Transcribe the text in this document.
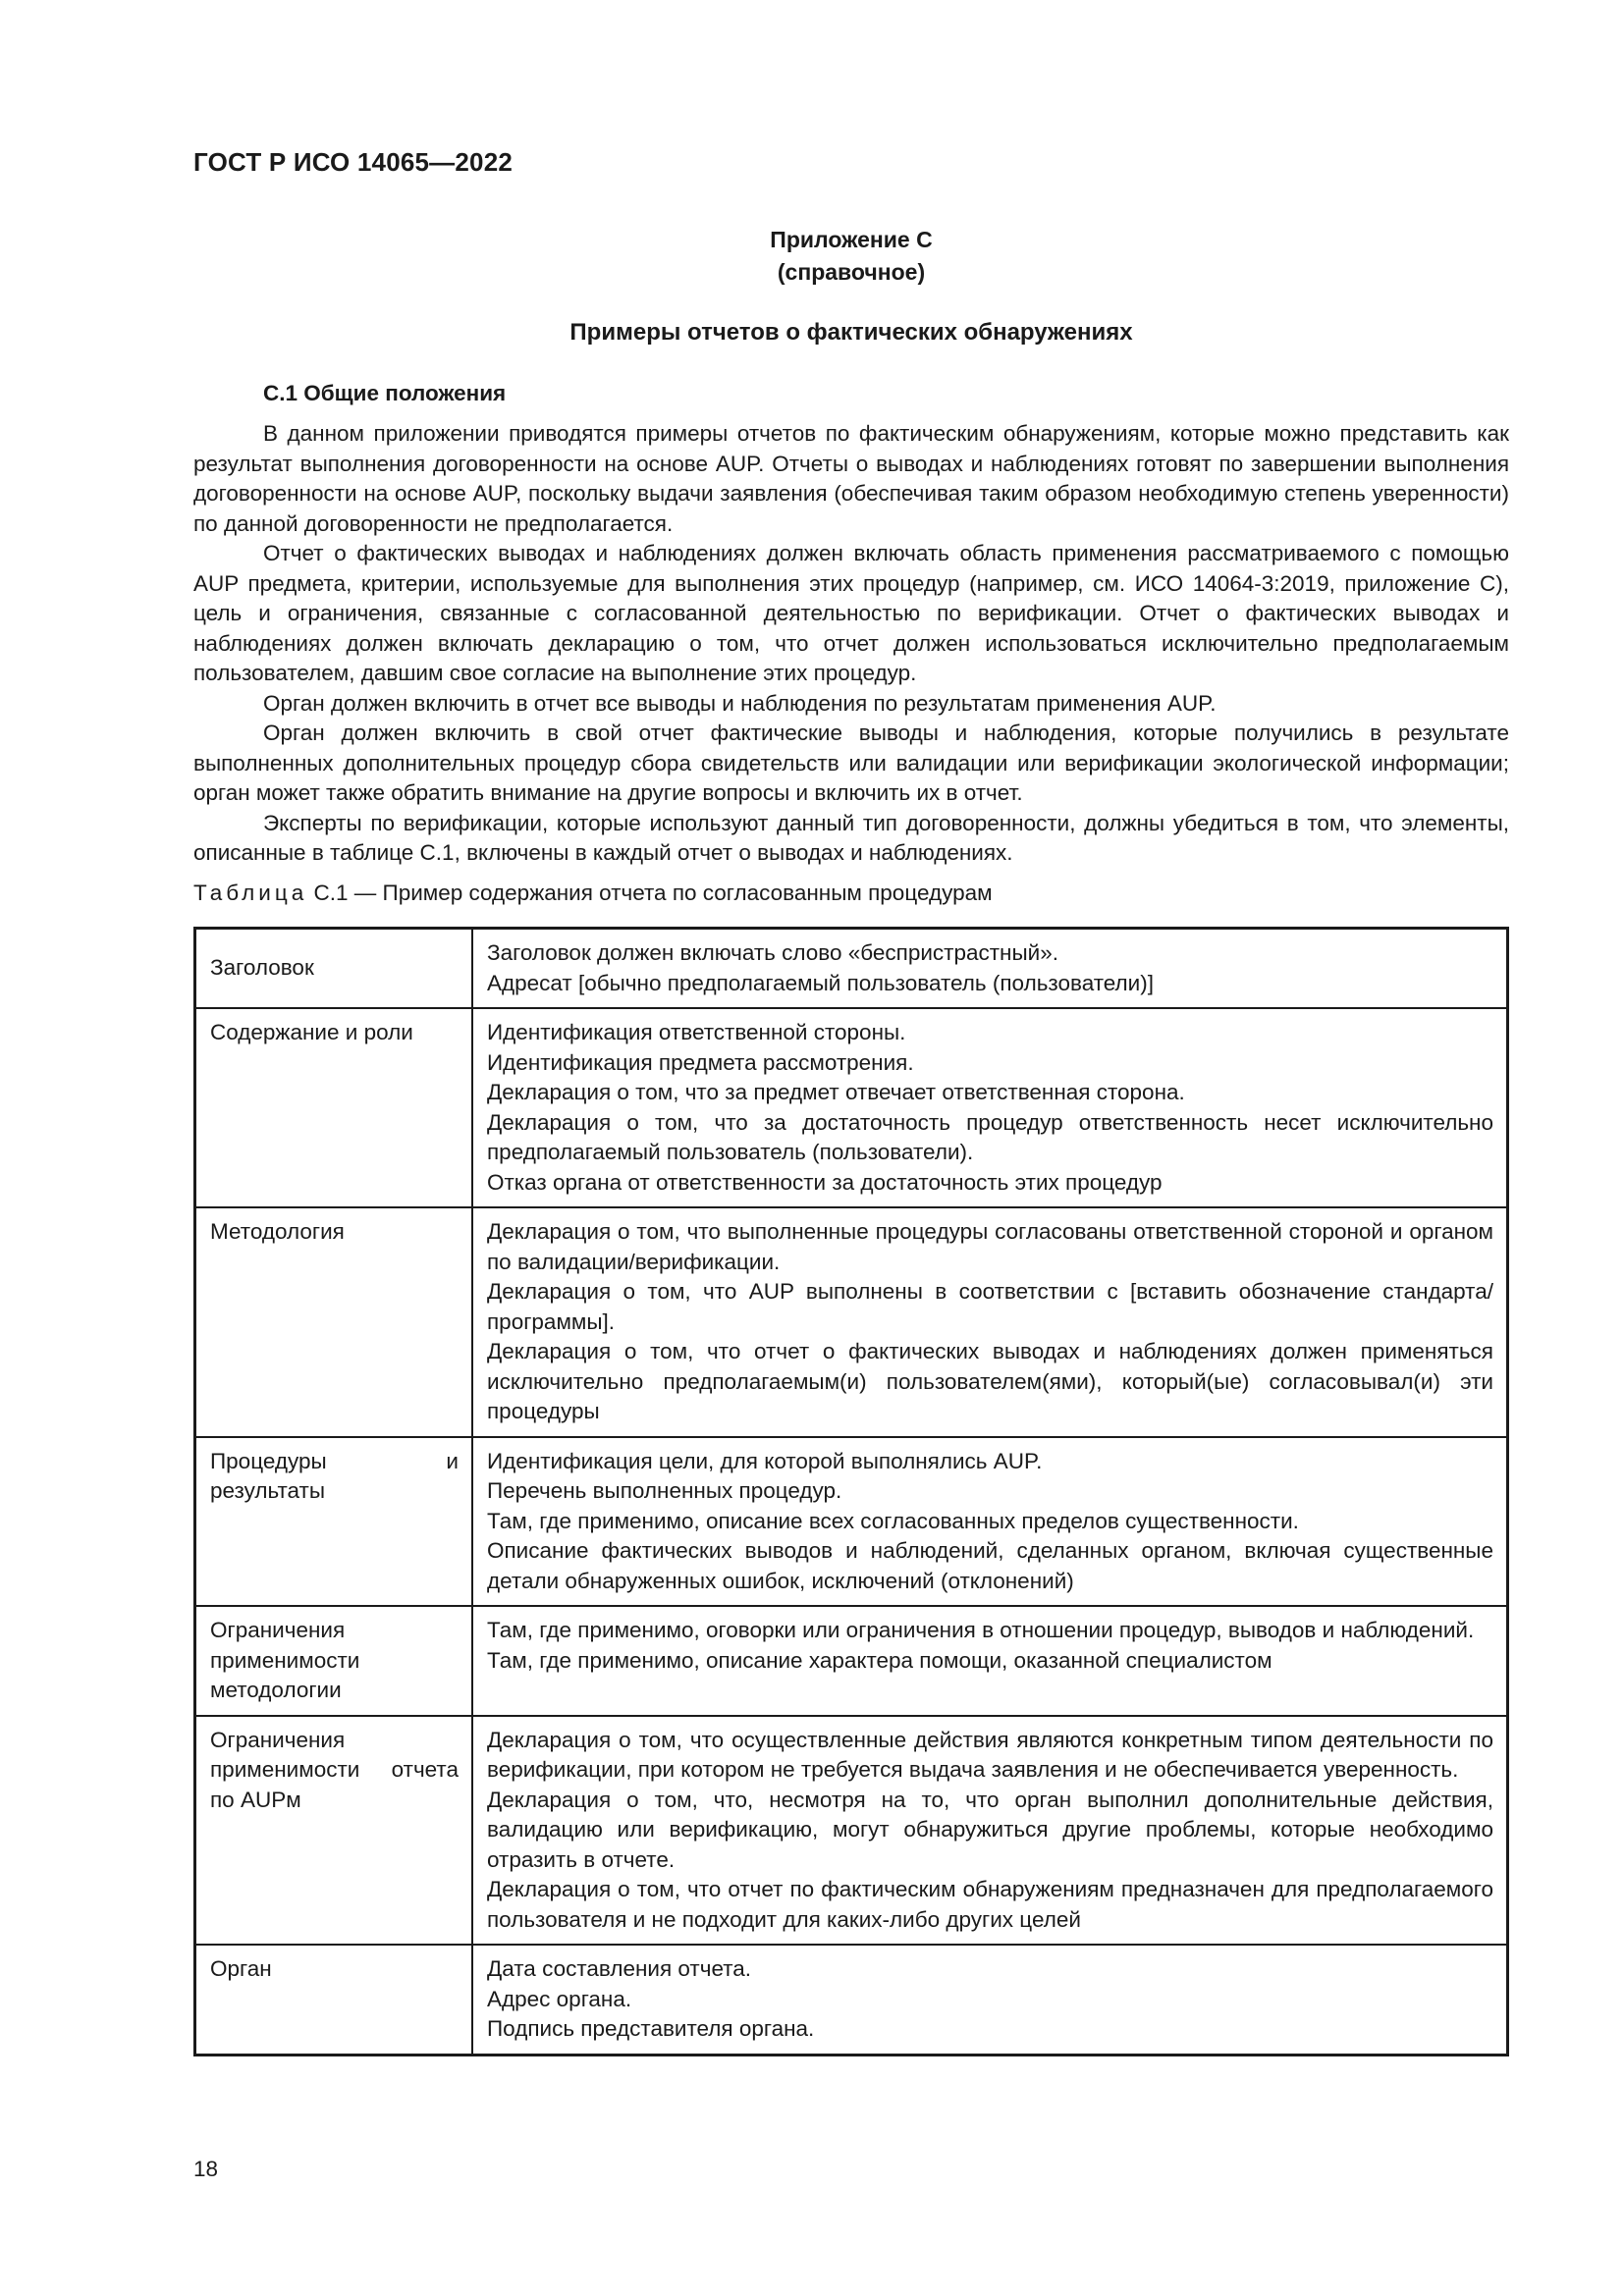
ГОСТ Р ИСО 14065—2022
Приложение С
(справочное)
Примеры отчетов о фактических обнаружениях
С.1 Общие положения

В данном приложении приводятся примеры отчетов по фактическим обнаружениям, которые можно представить как результат выполнения договоренности на основе AUP. Отчеты о выводах и наблюдениях готовят по завершении выполнения договоренности на основе AUP, поскольку выдачи заявления (обеспечивая таким образом необходимую степень уверенности) по данной договоренности не предполагается.

Отчет о фактических выводах и наблюдениях должен включать область применения рассматриваемого с помощью AUP предмета, критерии, используемые для выполнения этих процедур (например, см. ИСО 14064-3:2019, приложение С), цель и ограничения, связанные с согласованной деятельностью по верификации. Отчет о фактических выводах и наблюдениях должен включать декларацию о том, что отчет должен использоваться исключительно предполагаемым пользователем, давшим свое согласие на выполнение этих процедур.

Орган должен включить в отчет все выводы и наблюдения по результатам применения AUP.

Орган должен включить в свой отчет фактические выводы и наблюдения, которые получились в результате выполненных дополнительных процедур сбора свидетельств или валидации или верификации экологической информации; орган может также обратить внимание на другие вопросы и включить их в отчет.

Эксперты по верификации, которые используют данный тип договоренности, должны убедиться в том, что элементы, описанные в таблице С.1, включены в каждый отчет о выводах и наблюдениях.

Таблица С.1 — Пример содержания отчета по согласованным процедурам
Заголовок	Заголовок должен включать слово «беспристрастный».
Адресат [обычно предполагаемый пользователь (пользователи)]

Содержание и роли	Идентификация ответственной стороны.
Идентификация предмета рассмотрения.
Декларация о том, что за предмет отвечает ответственная сторона.
Декларация о том, что за достаточность процедур ответственность несет исключительно предполагаемый пользователь (пользователи).
Отказ органа от ответственности за достаточность этих процедур

Методология	Декларация о том, что выполненные процедуры согласованы ответственной стороной и органом по валидации/верификации.
Декларация о том, что AUP выполнены в соответствии с [вставить обозначение стандарта/программы].
Декларация о том, что отчет о фактических выводах и наблюдениях должен применяться исключительно предполагаемым(и) пользователем(ями), который(ые) согласовывал(и) эти процедуры

Процедуры и результаты	Идентификация цели, для которой выполнялись AUP.
Перечень выполненных процедур.
Там, где применимо, описание всех согласованных пределов существенности.
Описание фактических выводов и наблюдений, сделанных органом, включая существенные детали обнаруженных ошибок, исключений (отклонений)

Ограничения применимости методологии	Там, где применимо, оговорки или ограничения в отношении процедур, выводов и наблюдений.
Там, где применимо, описание характера помощи, оказанной специалистом

Ограничения применимости отчета по AUPм	Декларация о том, что осуществленные действия являются конкретным типом деятельности по верификации, при котором не требуется выдача заявления и не обеспечивается уверенность.
Декларация о том, что, несмотря на то, что орган выполнил дополнительные действия, валидацию или верификацию, могут обнаружиться другие проблемы, которые необходимо отразить в отчете.
Декларация о том, что отчет по фактическим обнаружениям предназначен для предполагаемого пользователя и не подходит для каких-либо других целей

Орган	Дата составления отчета.
Адрес органа.
Подпись представителя органа.
18
